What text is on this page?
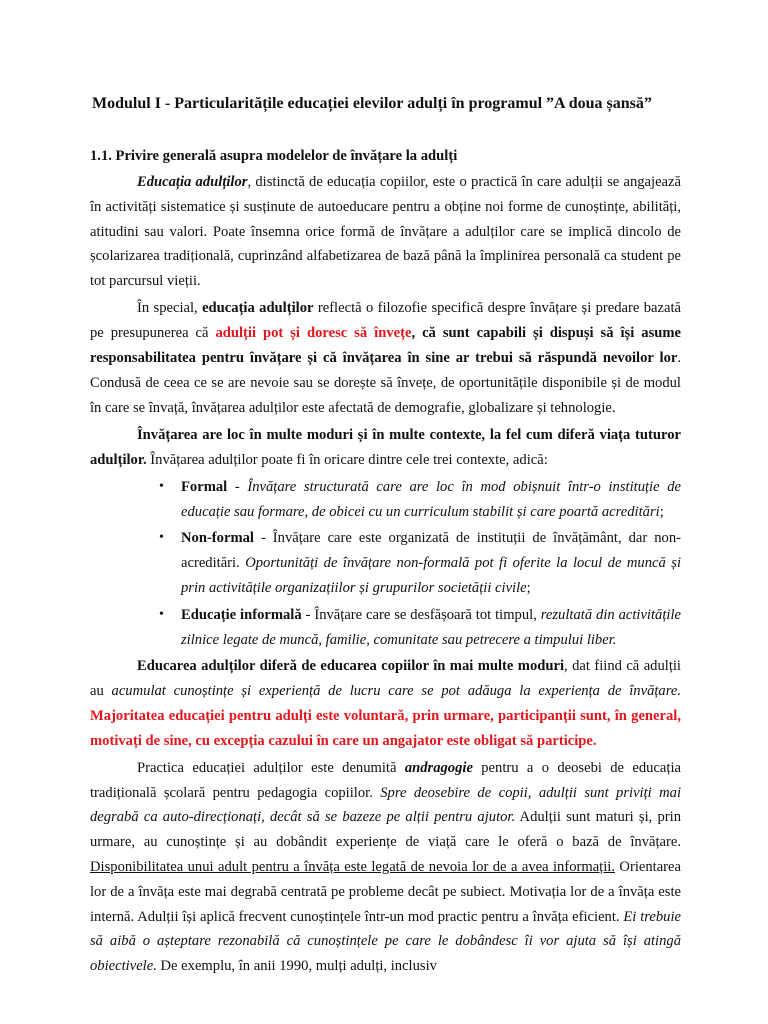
Modulul I - Particularitățile educației elevilor adulți în programul ”A doua șansă”
1.1. Privire generală asupra modelelor de învățare la adulți

Educația adulților, distinctă de educația copiilor, este o practică în care adulții se angajează în activități sistematice și susținute de autoeducare pentru a obține noi forme de cunoștințe, abilități, atitudini sau valori. Poate însemna orice formă de învățare a adulților care se implică dincolo de școlarizarea tradițională, cuprinzând alfabetizarea de bază până la împlinirea personală ca student pe tot parcursul vieții.

În special, educația adulților reflectă o filozofie specifică despre învățare și predare bazată pe presupunerea că adulții pot și doresc să învețe, că sunt capabili și dispuși să își asume responsabilitatea pentru învățare și că învățarea în sine ar trebui să răspundă nevoilor lor. Condusă de ceea ce se are nevoie sau se dorește să învețe, de oportunitățile disponibile și de modul în care se învață, învățarea adulților este afectată de demografie, globalizare și tehnologie.

Învățarea are loc în multe moduri și în multe contexte, la fel cum diferă viața tuturor adulților. Învățarea adulților poate fi în oricare dintre cele trei contexte, adică:

• Formal - Învățare structurată care are loc în mod obișnuit într-o instituție de educație sau formare, de obicei cu un curriculum stabilit și care poartă acreditări;
• Non-formal - Învățare care este organizată de instituții de învățământ, dar non-acreditări. Oportunități de învățare non-formală pot fi oferite la locul de muncă și prin activitățile organizațiilor și grupurilor societății civile;
• Educație informală - Învățare care se desfășoară tot timpul, rezultată din activitățile zilnice legate de muncă, familie, comunitate sau petrecere a timpului liber.

Educarea adulților diferă de educarea copiilor în mai multe moduri, dat fiind că adulții au acumulat cunoștințe și experiență de lucru care se pot adăuga la experiența de învățare. Majoritatea educației pentru adulți este voluntară, prin urmare, participanții sunt, în general, motivați de sine, cu excepția cazului în care un angajator este obligat să participe.

Practica educației adulților este denumită andragogie pentru a o deosebi de educația tradițională școlară pentru pedagogia copiilor. Spre deosebire de copii, adulții sunt priviți mai degrabă ca auto-direcționați, decât să se bazeze pe alții pentru ajutor. Adulții sunt maturi și, prin urmare, au cunoștințe și au dobândit experiențe de viață care le oferă o bază de învățare. Disponibilitatea unui adult pentru a învăța este legată de nevoia lor de a avea informații. Orientarea lor de a învăța este mai degrabă centrată pe probleme decât pe subiect. Motivația lor de a învăța este internă. Adulții își aplică frecvent cunoștințele într-un mod practic pentru a învăța eficient. Ei trebuie să aibă o așteptare rezonabilă că cunoștințele pe care le dobândesc îi vor ajuta să își atingă obiectivele. De exemplu, în anii 1990, mulți adulți, inclusiv
